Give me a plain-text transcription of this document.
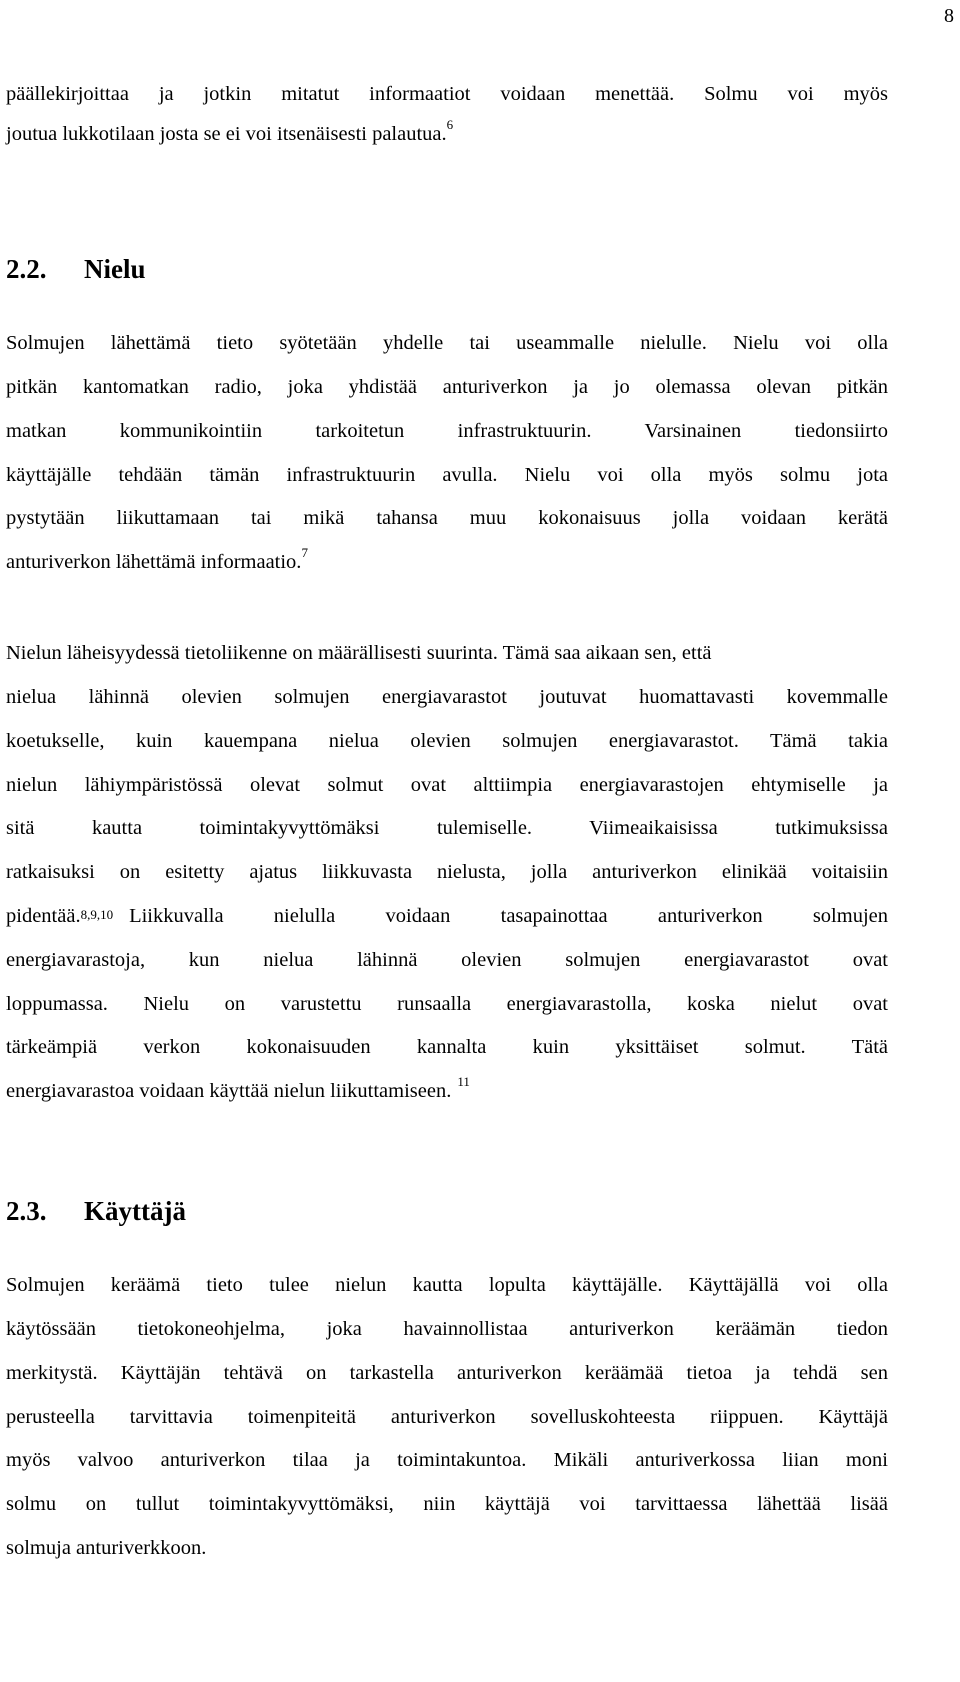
8
päällekirjoittaa ja jotkin mitatut informaatiot voidaan menettää. Solmu voi myös
joutua lukkotilaan josta se ei voi itsenäisesti palautua.$^6$
2.2. Nielu
Solmujen lähettämä tieto syötetään yhdelle tai useammalle nielulle. Nielu voi olla
pitkän kantomatkan radio, joka yhdistää anturiverkon ja jo olemassa olevan pitkän
matkan kommunikointiin tarkoitetun infrastruktuurin. Varsinainen tiedonsiirto
käyttäjälle tehdään tämän infrastruktuurin avulla. Nielu voi olla myös solmu jota
pystytään liikuttamaan tai mikä tahansa muu kokonaisuus jolla voidaan kerätä
anturiverkon lähettämä informaatio.$^7$
Nielun läheisyydessä tietoliikenne on määrällisesti suurinta. Tämä saa aikaan sen, että
nielua lähinnä olevien solmujen energiavarastot joutuvat huomattavasti kovemmalle
koetukselle, kuin kauempana nielua olevien solmujen energiavarastot. Tämä takia
nielun lähiympäristössä olevat solmut ovat alttiimpia energiavarastojen ehtymiselle ja
sitä kautta toimintakyvyttömäksi tulemiselle. Viimeaikaisissa tutkimuksissa
ratkaisuksi on esitetty ajatus liikkuvasta nielusta, jolla anturiverkon elinikää voitaisiin
pidentää.$^{8,9,10}$ Liikkuvalla nielulla voidaan tasapainottaa anturiverkon solmujen
energiavarastoja, kun nielua lähinnä olevien solmujen energiavarastot ovat
loppumassa. Nielu on varustettu runsaalla energiavarastolla, koska nielut ovat
tärkeämpiä verkon kokonaisuuden kannalta kuin yksittäiset solmut. Tätä
energiavarastoa voidaan käyttää nielun liikuttamiseen. $^{11}$
2.3. Käyttäjä
Solmujen keräämä tieto tulee nielun kautta lopulta käyttäjälle. Käyttäjällä voi olla
käytössään tietokoneohjelma, joka havainnollistaa anturiverkon keräämän tiedon
merkitystä. Käyttäjän tehtävä on tarkastella anturiverkon keräämää tietoa ja tehdä sen
perusteella tarvittavia toimenpiteitä anturiverkon sovelluskohteesta riippuen. Käyttäjä
myös valvoo anturiverkon tilaa ja toimintakuntoa. Mikäli anturiverkossa liian moni
solmu on tullut toimintakyvyttömäksi, niin käyttäjä voi tarvittaessa lähettää lisää
solmuja anturiverkkoon.
